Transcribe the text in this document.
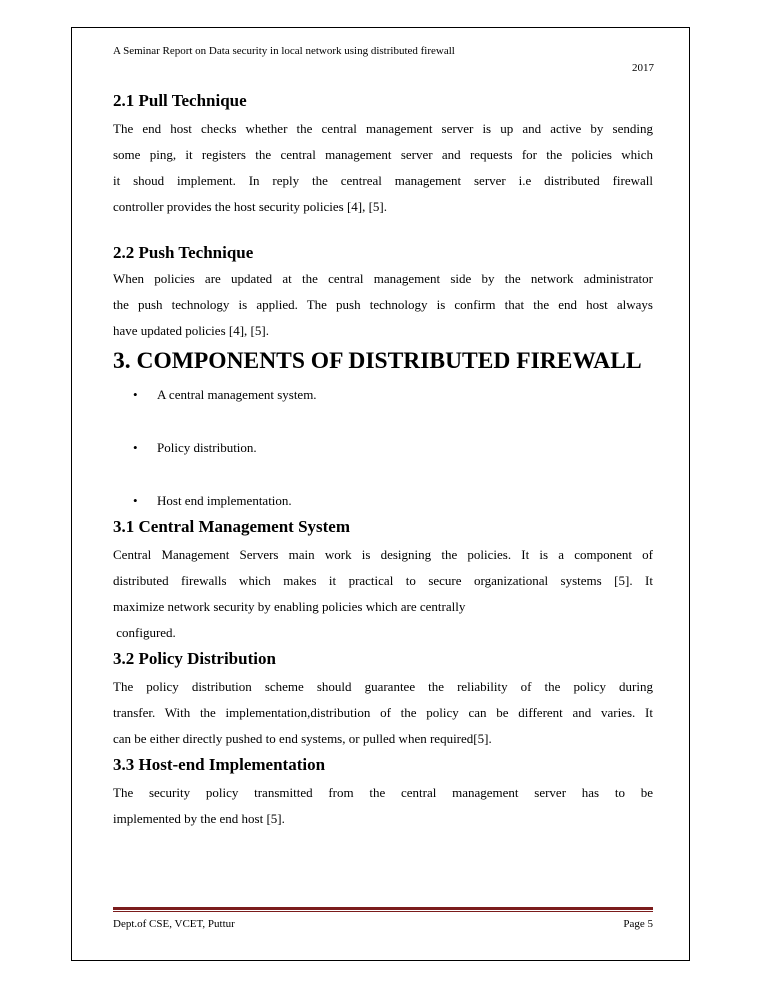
A Seminar Report on Data security in local network using distributed firewall
2017
2.1 Pull Technique

The end host checks whether the central management server is up and active by sending
some ping, it registers the central management server and requests for the policies which
it shoud implement. In reply the centreal management server i.e distributed firewall
controller provides the host security policies [4], [5].

2.2 Push Technique

When policies are updated at the central management side by the network administrator
the push technology is applied. The push technology is confirm that the end host always
have updated policies [4], [5].

3. COMPONENTS OF DISTRIBUTED FIREWALL
• A central management system.
• Policy distribution.
• Host end implementation.
3.1 Central Management System

Central Management Servers main work is designing the policies. It is a component of
distributed firewalls which makes it practical to secure organizational systems [5]. It
maximize network security by enabling policies which are centrally
configured.

3.2 Policy Distribution

The policy distribution scheme should guarantee the reliability of the policy during
transfer. With the implementation,distribution of the policy can be different and varies. It
can be either directly pushed to end systems, or pulled when required[5].

3.3 Host-end Implementation

The security policy transmitted from the central management server has to be
implemented by the end host [5].

Dept.of CSE, VCET, Puttur	Page 5
